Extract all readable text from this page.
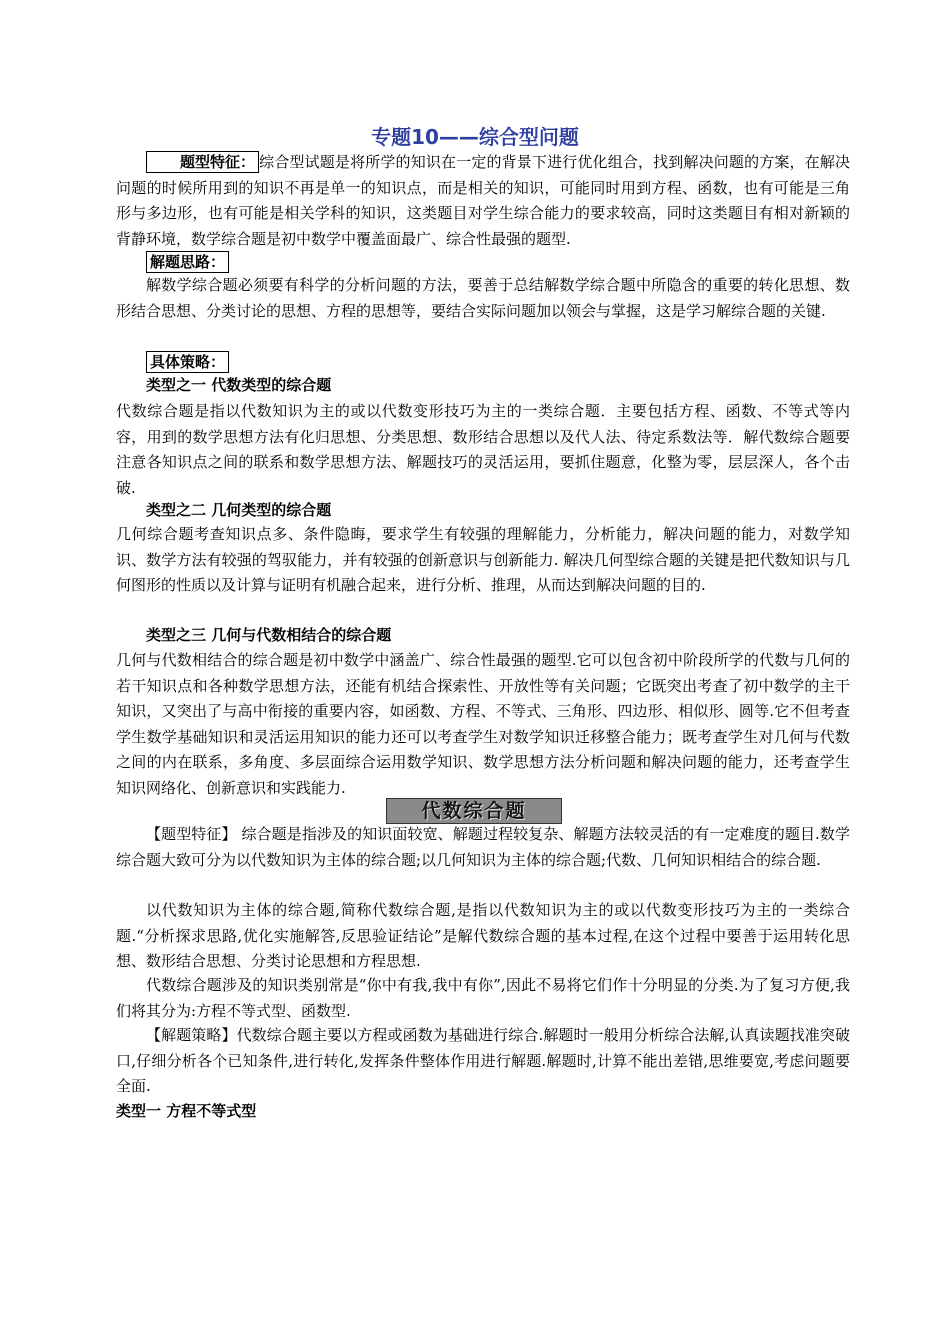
专题10——综合型问题
题型特征： 综合型试题是将所学的知识在一定的背景下进行优化组合，找到解决问题的方案，在解决问题的时候所用到的知识不再是单一的知识点，而是相关的知识，可能同时用到方程、函数，也有可能是三角形与多边形，也有可能是相关学科的知识，这类题目对学生综合能力的要求较高，同时这类题目有相对新颖的背静环境，数学综合题是初中数学中覆盖面最广、综合性最强的题型.
解题思路：
解数学综合题必须要有科学的分析问题的方法，要善于总结解数学综合题中所隐含的重要的转化思想、数形结合思想、分类讨论的思想、方程的思想等，要结合实际问题加以领会与掌握，这是学习解综合题的关键.
具体策略：
类型之一 代数类型的综合题
代数综合题是指以代数知识为主的或以代数变形技巧为主的一类综合题．主要包括方程、函数、不等式等内容，用到的数学思想方法有化归思想、分类思想、数形结合思想以及代人法、待定系数法等．解代数综合题要注意各知识点之间的联系和数学思想方法、解题技巧的灵活运用，要抓住题意，化整为零，层层深人，各个击破.
类型之二 几何类型的综合题
几何综合题考查知识点多、条件隐晦，要求学生有较强的理解能力，分析能力，解决问题的能力，对数学知识、数学方法有较强的驾驭能力，并有较强的创新意识与创新能力. 解决几何型综合题的关键是把代数知识与几何图形的性质以及计算与证明有机融合起来，进行分析、推理，从而达到解决问题的目的.
类型之三 几何与代数相结合的综合题
几何与代数相结合的综合题是初中数学中涵盖广、综合性最强的题型.它可以包含初中阶段所学的代数与几何的若干知识点和各种数学思想方法，还能有机结合探索性、开放性等有关问题；它既突出考查了初中数学的主干知识，又突出了与高中衔接的重要内容，如函数、方程、不等式、三角形、四边形、相似形、圆等.它不但考查学生数学基础知识和灵活运用知识的能力还可以考查学生对数学知识迁移整合能力；既考查学生对几何与代数之间的内在联系，多角度、多层面综合运用数学知识、数学思想方法分析问题和解决问题的能力，还考查学生知识网络化、创新意识和实践能力.
代数综合题
【题型特征】 综合题是指涉及的知识面较宽、解题过程较复杂、解题方法较灵活的有一定难度的题目.数学综合题大致可分为以代数知识为主体的综合题;以几何知识为主体的综合题;代数、几何知识相结合的综合题.
以代数知识为主体的综合题,简称代数综合题,是指以代数知识为主的或以代数变形技巧为主的一类综合题.“分析探求思路,优化实施解答,反思验证结论”是解代数综合题的基本过程,在这个过程中要善于运用转化思想、数形结合思想、分类讨论思想和方程思想.
代数综合题涉及的知识类别常是“你中有我,我中有你”,因此不易将它们作十分明显的分类.为了复习方便,我们将其分为:方程不等式型、函数型.
【解题策略】代数综合题主要以方程或函数为基础进行综合.解题时一般用分析综合法解,认真读题找准突破口,仔细分析各个已知条件,进行转化,发挥条件整体作用进行解题.解题时,计算不能出差错,思维要宽,考虑问题要全面.
类型一 方程不等式型
